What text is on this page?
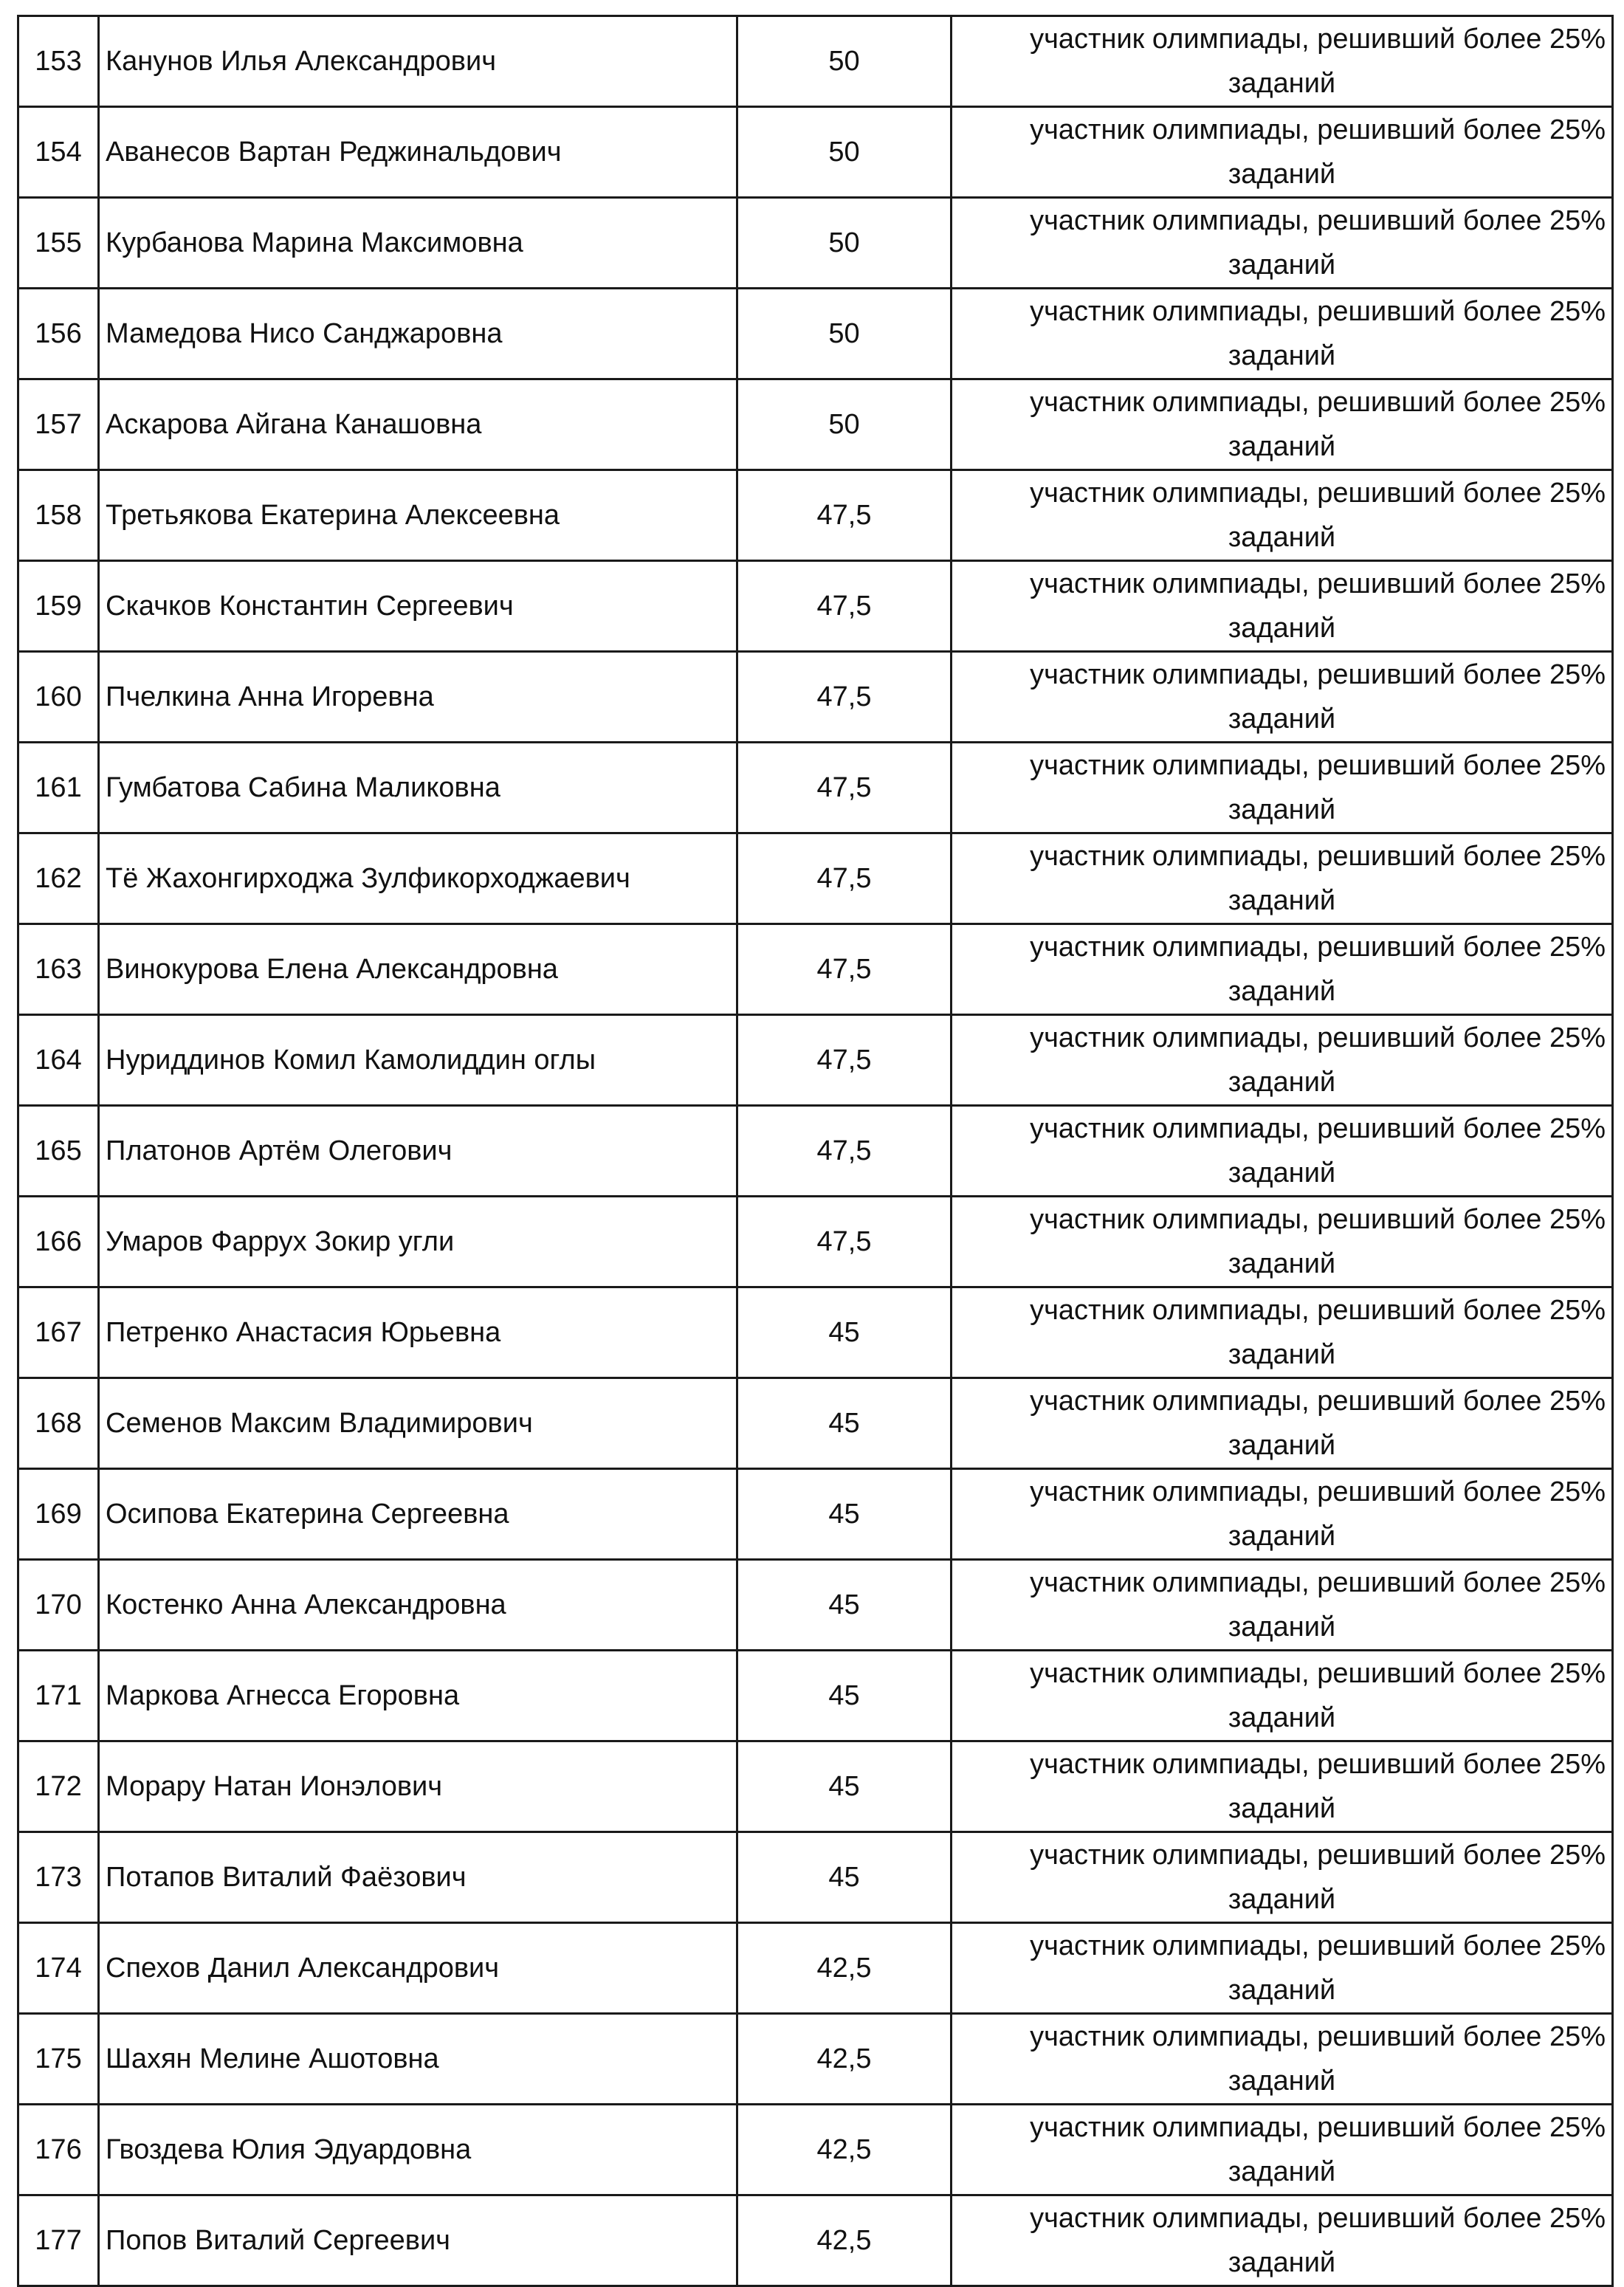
153	Канунов Илья Александрович	50	участник олимпиады, решивший более 25%
заданий

154	Аванесов Вартан Реджинальдович	50	участник олимпиады, решивший более 25%
заданий

155	Курбанова Марина Максимовна	50	участник олимпиады, решивший более 25%
заданий

156	Мамедова Нисо Санджаровна	50	участник олимпиады, решивший более 25%
заданий

157	Аскарова Айгана Канашовна	50	участник олимпиады, решивший более 25%
заданий

158	Третьякова Екатерина Алексеевна	47,5	участник олимпиады, решивший более 25%
заданий

159	Скачков Константин Сергеевич	47,5	участник олимпиады, решивший более 25%
заданий

160	Пчелкина Анна Игоревна	47,5	участник олимпиады, решивший более 25%
заданий

161	Гумбатова Сабина Маликовна	47,5	участник олимпиады, решивший более 25%
заданий

162	Тё Жахонгирходжа Зулфикорходжаевич	47,5	участник олимпиады, решивший более 25%
заданий

163	Винокурова Елена Александровна	47,5	участник олимпиады, решивший более 25%
заданий

164	Нуриддинов Комил Камолиддин оглы	47,5	участник олимпиады, решивший более 25%
заданий

165	Платонов Артём Олегович	47,5	участник олимпиады, решивший более 25%
заданий

166	Умаров Фаррух Зокир угли	47,5	участник олимпиады, решивший более 25%
заданий

167	Петренко Анастасия Юрьевна	45	участник олимпиады, решивший более 25%
заданий

168	Семенов Максим Владимирович	45	участник олимпиады, решивший более 25%
заданий

169	Осипова Екатерина Сергеевна	45	участник олимпиады, решивший более 25%
заданий

170	Костенко Анна Александровна	45	участник олимпиады, решивший более 25%
заданий

171	Маркова Агнесса Егоровна	45	участник олимпиады, решивший более 25%
заданий

172	Морару Натан Ионэлович	45	участник олимпиады, решивший более 25%
заданий

173	Потапов Виталий Фаёзович	45	участник олимпиады, решивший более 25%
заданий

174	Спехов Данил Александрович	42,5	участник олимпиады, решивший более 25%
заданий

175	Шахян Мелине Ашотовна	42,5	участник олимпиады, решивший более 25%
заданий

176	Гвоздева Юлия Эдуардовна	42,5	участник олимпиады, решивший более 25%
заданий

177	Попов Виталий Сергеевич	42,5	участник олимпиады, решивший более 25%
заданий
